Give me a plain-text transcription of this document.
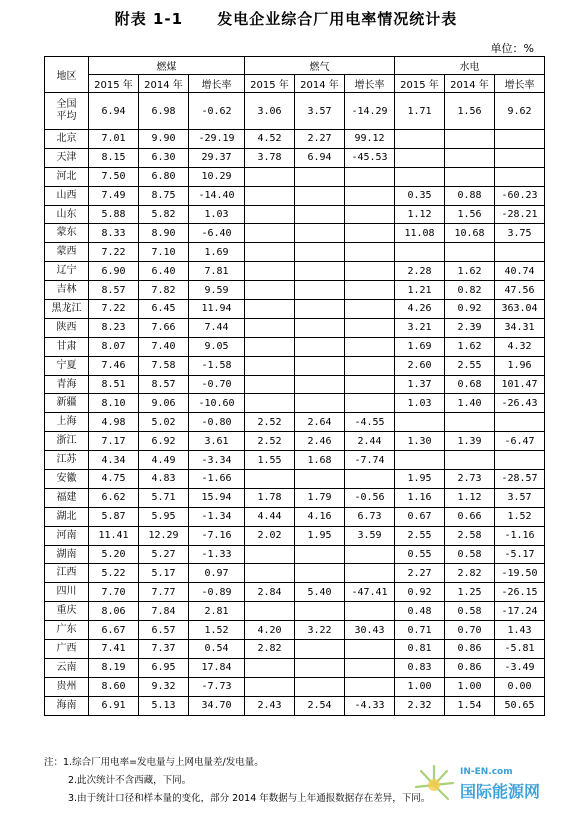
附表 1-1 发电企业综合厂用电率情况统计表
单位：%
地区	燃煤			燃气			水电		
	2015 年	2014 年	增长率	2015 年	2014 年	增长率	2015 年	2014 年	增长率
全国
平均	6.94	6.98	-0.62	3.06	3.57	-14.29	1.71	1.56	9.62
北京	7.01	9.90	-29.19	4.52	2.27	99.12			
天津	8.15	6.30	29.37	3.78	6.94	-45.53			
河北	7.50	6.80	10.29						
山西	7.49	8.75	-14.40				0.35	0.88	-60.23
山东	5.88	5.82	1.03				1.12	1.56	-28.21
蒙东	8.33	8.90	-6.40				11.08	10.68	3.75
蒙西	7.22	7.10	1.69						
辽宁	6.90	6.40	7.81				2.28	1.62	40.74
吉林	8.57	7.82	9.59				1.21	0.82	47.56
黑龙江	7.22	6.45	11.94				4.26	0.92	363.04
陕西	8.23	7.66	7.44				3.21	2.39	34.31
甘肃	8.07	7.40	9.05				1.69	1.62	4.32
宁夏	7.46	7.58	-1.58				2.60	2.55	1.96
青海	8.51	8.57	-0.70				1.37	0.68	101.47
新疆	8.10	9.06	-10.60				1.03	1.40	-26.43
上海	4.98	5.02	-0.80	2.52	2.64	-4.55			
浙江	7.17	6.92	3.61	2.52	2.46	2.44	1.30	1.39	-6.47
江苏	4.34	4.49	-3.34	1.55	1.68	-7.74			
安徽	4.75	4.83	-1.66				1.95	2.73	-28.57
福建	6.62	5.71	15.94	1.78	1.79	-0.56	1.16	1.12	3.57
湖北	5.87	5.95	-1.34	4.44	4.16	6.73	0.67	0.66	1.52
河南	11.41	12.29	-7.16	2.02	1.95	3.59	2.55	2.58	-1.16
湖南	5.20	5.27	-1.33				0.55	0.58	-5.17
江西	5.22	5.17	0.97				2.27	2.82	-19.50
四川	7.70	7.77	-0.89	2.84	5.40	-47.41	0.92	1.25	-26.15
重庆	8.06	7.84	2.81				0.48	0.58	-17.24
广东	6.67	6.57	1.52	4.20	3.22	30.43	0.71	0.70	1.43
广西	7.41	7.37	0.54	2.82			0.81	0.86	-5.81
云南	8.19	6.95	17.84				0.83	0.86	-3.49
贵州	8.60	9.32	-7.73				1.00	1.00	0.00
海南	6.91	5.13	34.70	2.43	2.54	-4.33	2.32	1.54	50.65
注：1.综合厂用电率=发电量与上网电量差/发电量。
2.此次统计不含西藏，下同。
3.由于统计口径和样本量的变化，部分 2014 年数据与上年通报数据存在差异，下同。
IN-EN.com
国际能源网
